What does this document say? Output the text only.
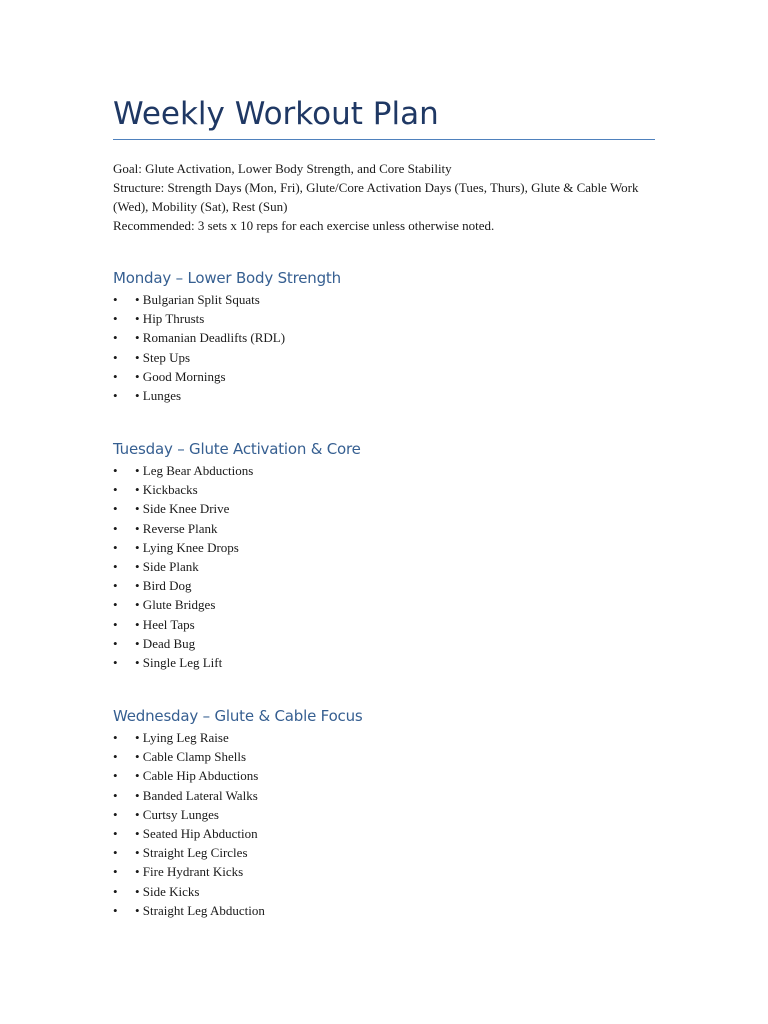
Weekly Workout Plan

Goal: Glute Activation, Lower Body Strength, and Core Stability

Structure: Strength Days (Mon, Fri), Glute/Core Activation Days (Tues, Thurs), Glute & Cable Work (Wed), Mobility (Sat), Rest (Sun)

Recommended: 3 sets x 10 reps for each exercise unless otherwise noted.

Monday – Lower Body Strength
• • Bulgarian Split Squats
• • Hip Thrusts
• • Romanian Deadlifts (RDL)
• • Step Ups
• • Good Mornings
• • Lunges
Tuesday – Glute Activation & Core
• • Leg Bear Abductions
• • Kickbacks
• • Side Knee Drive
• • Reverse Plank
• • Lying Knee Drops
• • Side Plank
• • Bird Dog
• • Glute Bridges
• • Heel Taps
• • Dead Bug
• • Single Leg Lift
Wednesday – Glute & Cable Focus
• • Lying Leg Raise
• • Cable Clamp Shells
• • Cable Hip Abductions
• • Banded Lateral Walks
• • Curtsy Lunges
• • Seated Hip Abduction
• • Straight Leg Circles
• • Fire Hydrant Kicks
• • Side Kicks
• • Straight Leg Abduction
